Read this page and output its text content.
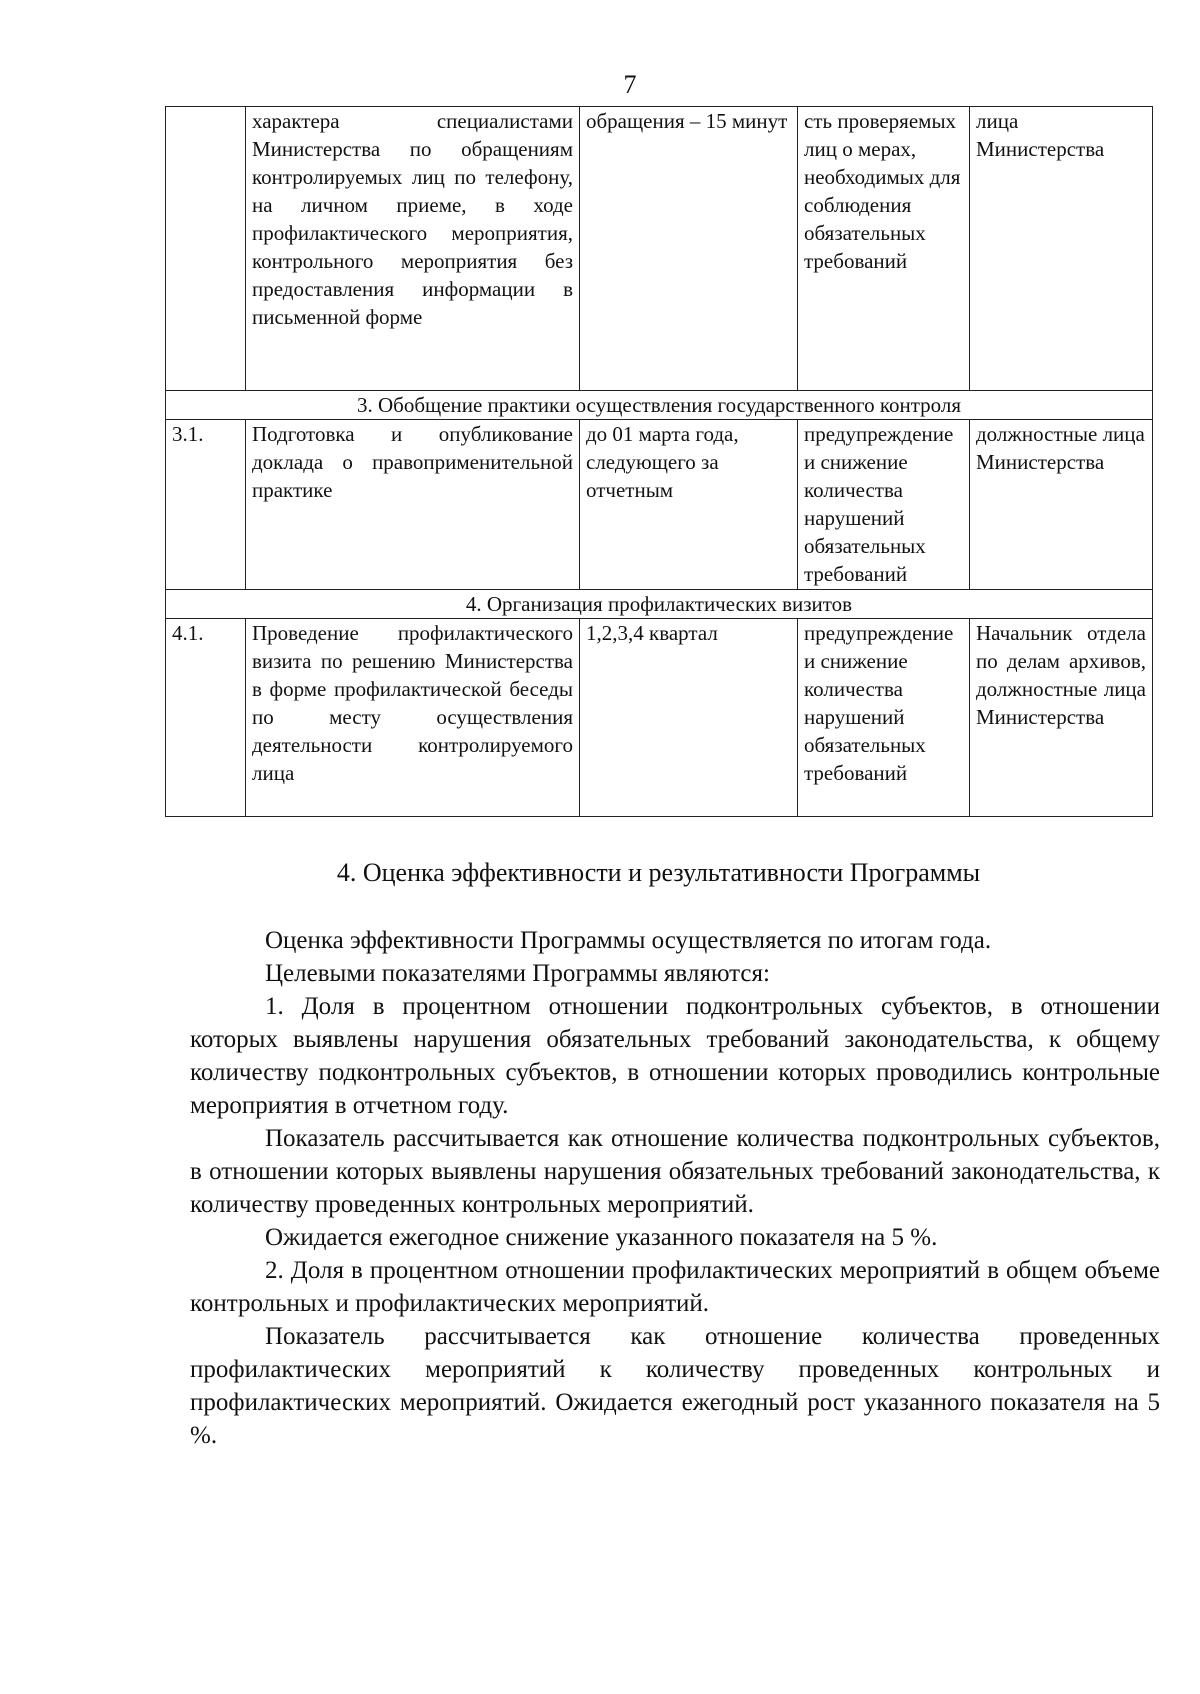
7
	характера специалистами Министерства по обращениям контролируемых лиц по телефону, на личном приеме, в ходе профилактического мероприятия, контрольного мероприятия без предоставления информации в письменной форме	обращения – 15 минут	сть проверяемых лиц о мерах, необходимых для соблюдения обязательных требований	лица Министерства
3. Обобщение практики осуществления государственного контроля				
3.1.	Подготовка и опубликование доклада о правоприменительной практике	до 01 марта года, следующего за отчетным	предупреждение и снижение количества нарушений обязательных требований	должностные лица Министерства
4. Организация профилактических визитов				
4.1.	Проведение профилактического визита по решению Министерства в форме профилактической беседы по месту осуществления деятельности контролируемого лица	1,2,3,4 квартал	предупреждение и снижение количества нарушений обязательных требований	Начальник отдела по делам архивов, должностные лица Министерства
4. Оценка эффективности и результативности Программы

Оценка эффективности Программы осуществляется по итогам года.

Целевыми показателями Программы являются:

1. Доля в процентном отношении подконтрольных субъектов, в отношении которых выявлены нарушения обязательных требований законодательства, к общему количеству подконтрольных субъектов, в отношении которых проводились контрольные мероприятия в отчетном году.

Показатель рассчитывается как отношение количества подконтрольных субъектов, в отношении которых выявлены нарушения обязательных требований законодательства, к количеству проведенных контрольных мероприятий.

Ожидается ежегодное снижение указанного показателя на 5 %.

2. Доля в процентном отношении профилактических мероприятий в общем объеме контрольных и профилактических мероприятий.

Показатель рассчитывается как отношение количества проведенных профилактических мероприятий к количеству проведенных контрольных и профилактических мероприятий. Ожидается ежегодный рост указанного показателя на 5 %.
